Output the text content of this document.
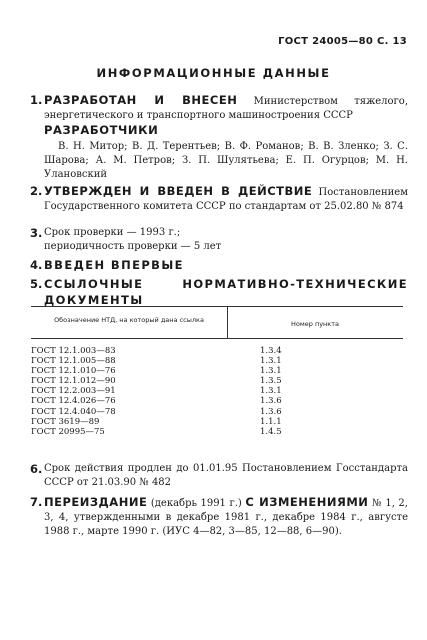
ГОСТ 24005—80 С. 13
ИНФОРМАЦИОННЫЕ ДАННЫЕ
1. РАЗРАБОТАН И ВНЕСЕН Министерством тяжелого, энергетического и транспортного машиностроения СССР
РАЗРАБОТЧИКИ
В. Н. Митор; В. Д. Терентьев; В. Ф. Романов; В. В. Зленко; З. С. Шарова; А. М. Петров; З. П. Шулятьева; Е. П. Огурцов; М. Н. Улановский
2. УТВЕРЖДЕН И ВВЕДЕН В ДЕЙСТВИЕ Постановлением Государственного комитета СССР по стандартам от 25.02.80 № 874
3. Срок проверки — 1993 г.;
периодичность проверки — 5 лет
4. ВВЕДЕН ВПЕРВЫЕ
5. ССЫЛОЧНЫЕ НОРМАТИВНО-ТЕХНИЧЕСКИЕ ДОКУМЕНТЫ
Обозначение НТД, на который дана ссылка	Номер пункта
ГОСТ 12.1.003—83	1.3.4
ГОСТ 12.1.005—88	1.3.1
ГОСТ 12.1.010—76	1.3.1
ГОСТ 12.1.012—90	1.3.5
ГОСТ 12.2.003—91	1.3.1
ГОСТ 12.4.026—76	1.3.6
ГОСТ 12.4.040—78	1.3.6
ГОСТ 3619—89	1.1.1
ГОСТ 20995—75	1.4.5
6. Срок действия продлен до 01.01.95 Постановлением Госстандарта СССР от 21.03.90 № 482
7. ПЕРЕИЗДАНИЕ (декабрь 1991 г.) С ИЗМЕНЕНИЯМИ № 1, 2, 3, 4, утвержденными в декабре 1981 г., декабре 1984 г., августе 1988 г., марте 1990 г. (ИУС 4—82, 3—85, 12—88, 6—90).
